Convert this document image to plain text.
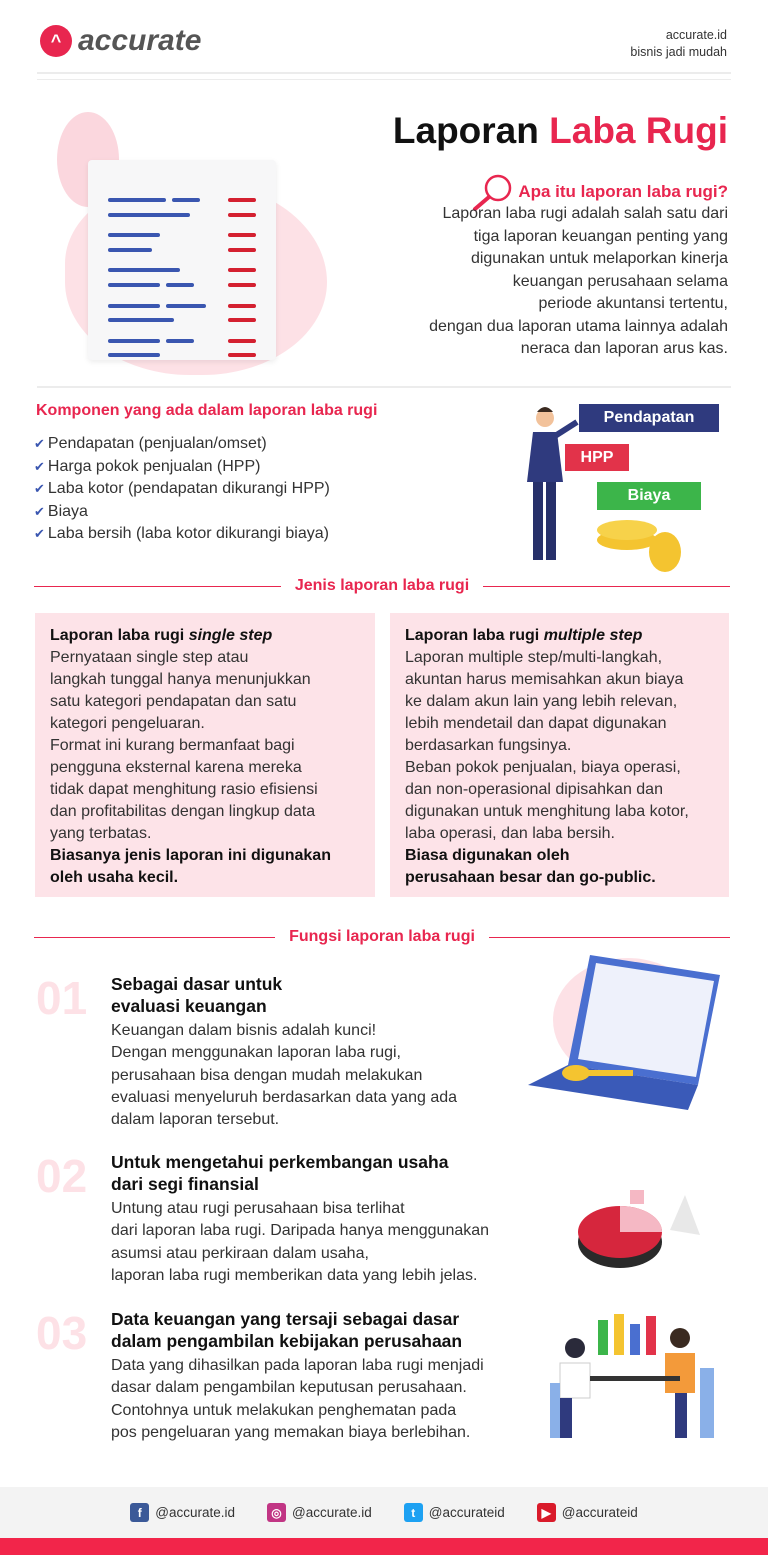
^ accurate	accurate.id
bisnis jadi mudah
Laporan Laba Rugi
Apa itu laporan laba rugi?
Laporan laba rugi adalah salah satu dari
tiga laporan keuangan penting yang
digunakan untuk melaporkan kinerja
keuangan perusahaan selama
periode akuntansi tertentu,
dengan dua laporan utama lainnya adalah
neraca dan laporan arus kas.
Komponen yang ada dalam laporan laba rugi
✔ Pendapatan (penjualan/omset)
✔ Harga pokok penjualan (HPP)
✔ Laba kotor (pendapatan dikurangi HPP)
✔ Biaya
✔ Laba bersih (laba kotor dikurangi biaya)
Pendapatan
HPP
Biaya
Jenis laporan laba rugi
Laporan laba rugi single step
Pernyataan single step atau
langkah tunggal hanya menunjukkan
satu kategori pendapatan dan satu
kategori pengeluaran.
Format ini kurang bermanfaat bagi
pengguna eksternal karena mereka
tidak dapat menghitung rasio efisiensi
dan profitabilitas dengan lingkup data
yang terbatas.
Biasanya jenis laporan ini digunakan
oleh usaha kecil.
Laporan laba rugi multiple step
Laporan multiple step/multi-langkah,
akuntan harus memisahkan akun biaya
ke dalam akun lain yang lebih relevan,
lebih mendetail dan dapat digunakan
berdasarkan fungsinya.
Beban pokok penjualan, biaya operasi,
dan non-operasional dipisahkan dan
digunakan untuk menghitung laba kotor,
laba operasi, dan laba bersih.
Biasa digunakan oleh
perusahaan besar dan go-public.
Fungsi laporan laba rugi
01 Sebagai dasar untuk
evaluasi keuangan
Keuangan dalam bisnis adalah kunci!
Dengan menggunakan laporan laba rugi,
perusahaan bisa dengan mudah melakukan
evaluasi menyeluruh berdasarkan data yang ada
dalam laporan tersebut.
02 Untuk mengetahui perkembangan usaha
dari segi finansial
Untung atau rugi perusahaan bisa terlihat
dari laporan laba rugi. Daripada hanya menggunakan
asumsi atau perkiraan dalam usaha,
laporan laba rugi memberikan data yang lebih jelas.
03 Data keuangan yang tersaji sebagai dasar
dalam pengambilan kebijakan perusahaan
Data yang dihasilkan pada laporan laba rugi menjadi
dasar dalam pengambilan keputusan perusahaan.
Contohnya untuk melakukan penghematan pada
pos pengeluaran yang memakan biaya berlebihan.
f	@accurate.id	◎ @accurate.id	t	@accurateid	▶ @accurateid
